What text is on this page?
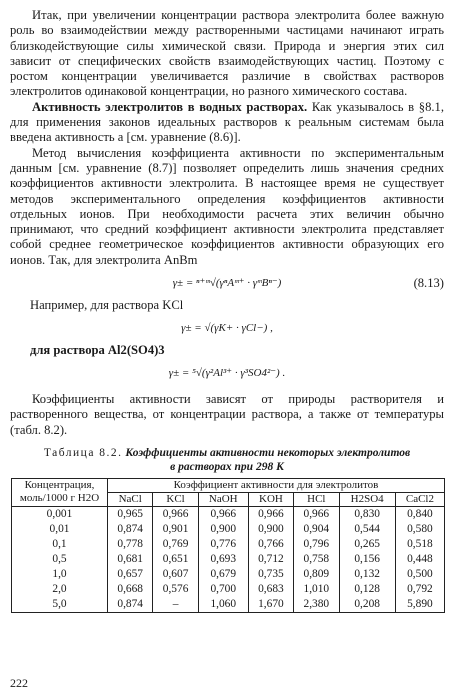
Итак, при увеличении концентрации раствора электролита более важную роль во взаимодействии между растворенными частицами начинают играть близкодействующие силы химической связи. Природа и энергия этих сил зависит от специфических свойств взаимодействующих частиц. Поэтому с ростом концентрации увеличивается различие в свойствах растворов электролитов одинаковой концентрации, но разного химического состава.

Активность электролитов в водных растворах. Как указывалось в §8.1, для применения законов идеальных растворов к реальным системам была введена активность a [см. уравнение (8.6)].

Метод вычисления коэффициента активности по экспериментальным данным [см. уравнение (8.7)] позволяет определить лишь значения средних коэффициентов активности электролита. В настоящее время не существует методов экспериментального определения коэффициентов активности отдельных ионов. При необходимости расчета этих величин обычно принимают, что средний коэффициент активности электролита представляет собой среднее геометрическое коэффициентов активности образующих его ионов. Так, для электролита AnBm

γ± = ⁿ⁺ᵐ√(γⁿAᵐ⁺ · γᵐBⁿ⁻)	(8.13)
Например, для раствора KCl
γ± = √(γK+ · γCl−) ,
для раствора Al2(SO4)3
γ± = ⁵√(γ²Al³⁺ · γ³SO4²⁻) .

Коэффициенты активности зависят от природы растворителя и растворенного вещества, от концентрации раствора, а также от температуры (табл. 8.2).

Таблица 8.2. Коэффициенты активности некоторых электролитов
в растворах при 298 К
Концентрация, моль/1000 г H2O	Коэффициент активности для электролитов						
	NaCl	KCl	NaOH	KOH	HCl	H2SO4	CaCl2
0,001	0,965	0,966	0,966	0,966	0,966	0,830	0,840
0,01	0,874	0,901	0,900	0,900	0,904	0,544	0,580
0,1	0,778	0,769	0,776	0,766	0,796	0,265	0,518
0,5	0,681	0,651	0,693	0,712	0,758	0,156	0,448
1,0	0,657	0,607	0,679	0,735	0,809	0,132	0,500
2,0	0,668	0,576	0,700	0,683	1,010	0,128	0,792
5,0	0,874	–	1,060	1,670	2,380	0,208	5,890
222
